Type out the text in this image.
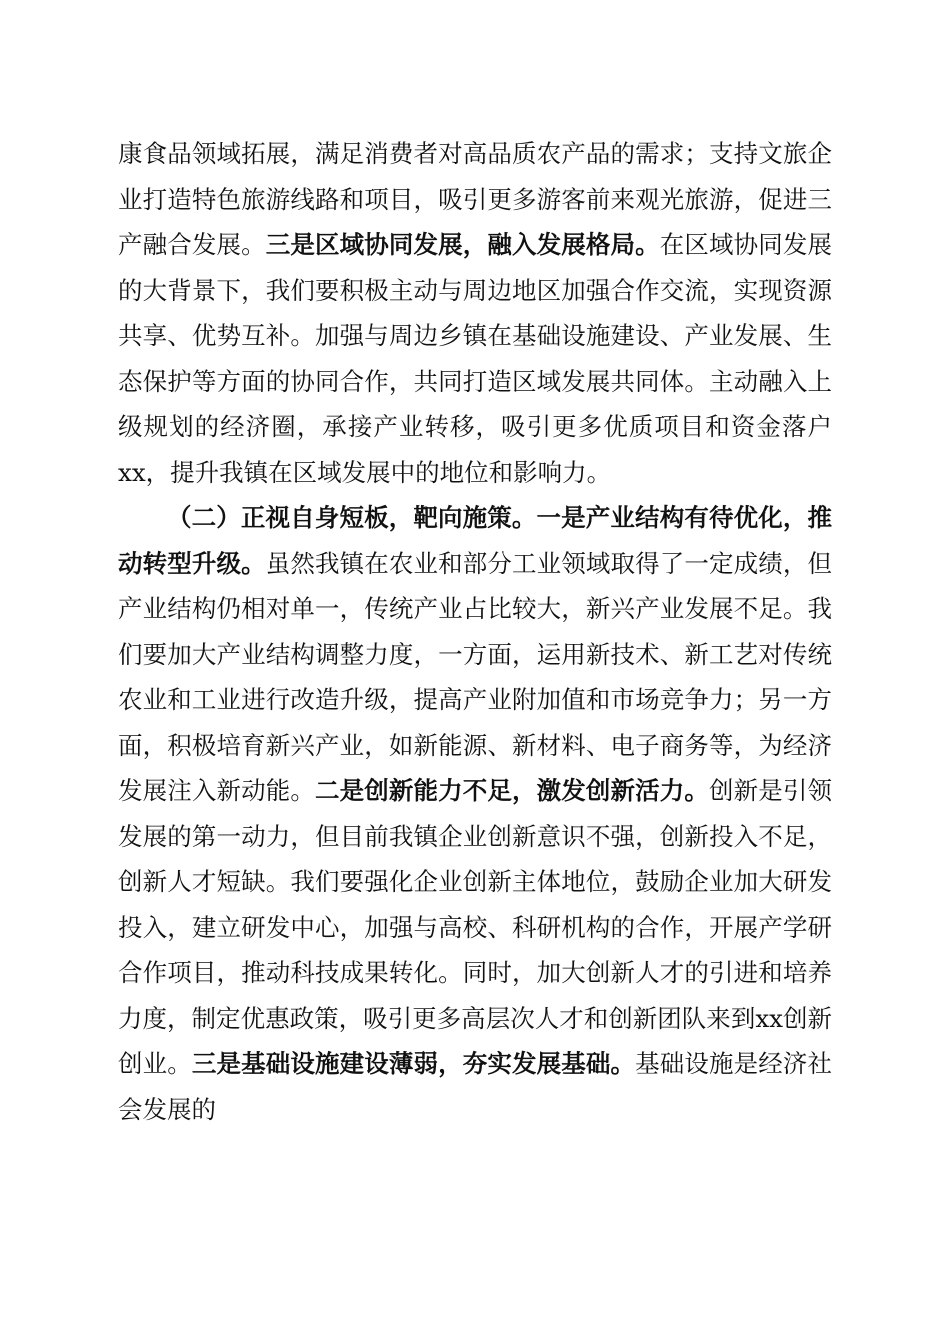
康食品领域拓展，满足消费者对高品质农产品的需求；支持文旅企业打造特色旅游线路和项目，吸引更多游客前来观光旅游，促进三产融合发展。三是区域协同发展，融入发展格局。在区域协同发展的大背景下，我们要积极主动与周边地区加强合作交流，实现资源共享、优势互补。加强与周边乡镇在基础设施建设、产业发展、生态保护等方面的协同合作，共同打造区域发展共同体。主动融入上级规划的经济圈，承接产业转移，吸引更多优质项目和资金落户xx，提升我镇在区域发展中的地位和影响力。

（二）正视自身短板，靶向施策。一是产业结构有待优化，推动转型升级。虽然我镇在农业和部分工业领域取得了一定成绩，但产业结构仍相对单一，传统产业占比较大，新兴产业发展不足。我们要加大产业结构调整力度，一方面，运用新技术、新工艺对传统农业和工业进行改造升级，提高产业附加值和市场竞争力；另一方面，积极培育新兴产业，如新能源、新材料、电子商务等，为经济发展注入新动能。二是创新能力不足，激发创新活力。创新是引领发展的第一动力，但目前我镇企业创新意识不强，创新投入不足，创新人才短缺。我们要强化企业创新主体地位，鼓励企业加大研发投入，建立研发中心，加强与高校、科研机构的合作，开展产学研合作项目，推动科技成果转化。同时，加大创新人才的引进和培养力度，制定优惠政策，吸引更多高层次人才和创新团队来到xx创新创业。三是基础设施建设薄弱，夯实发展基础。基础设施是经济社会发展的
